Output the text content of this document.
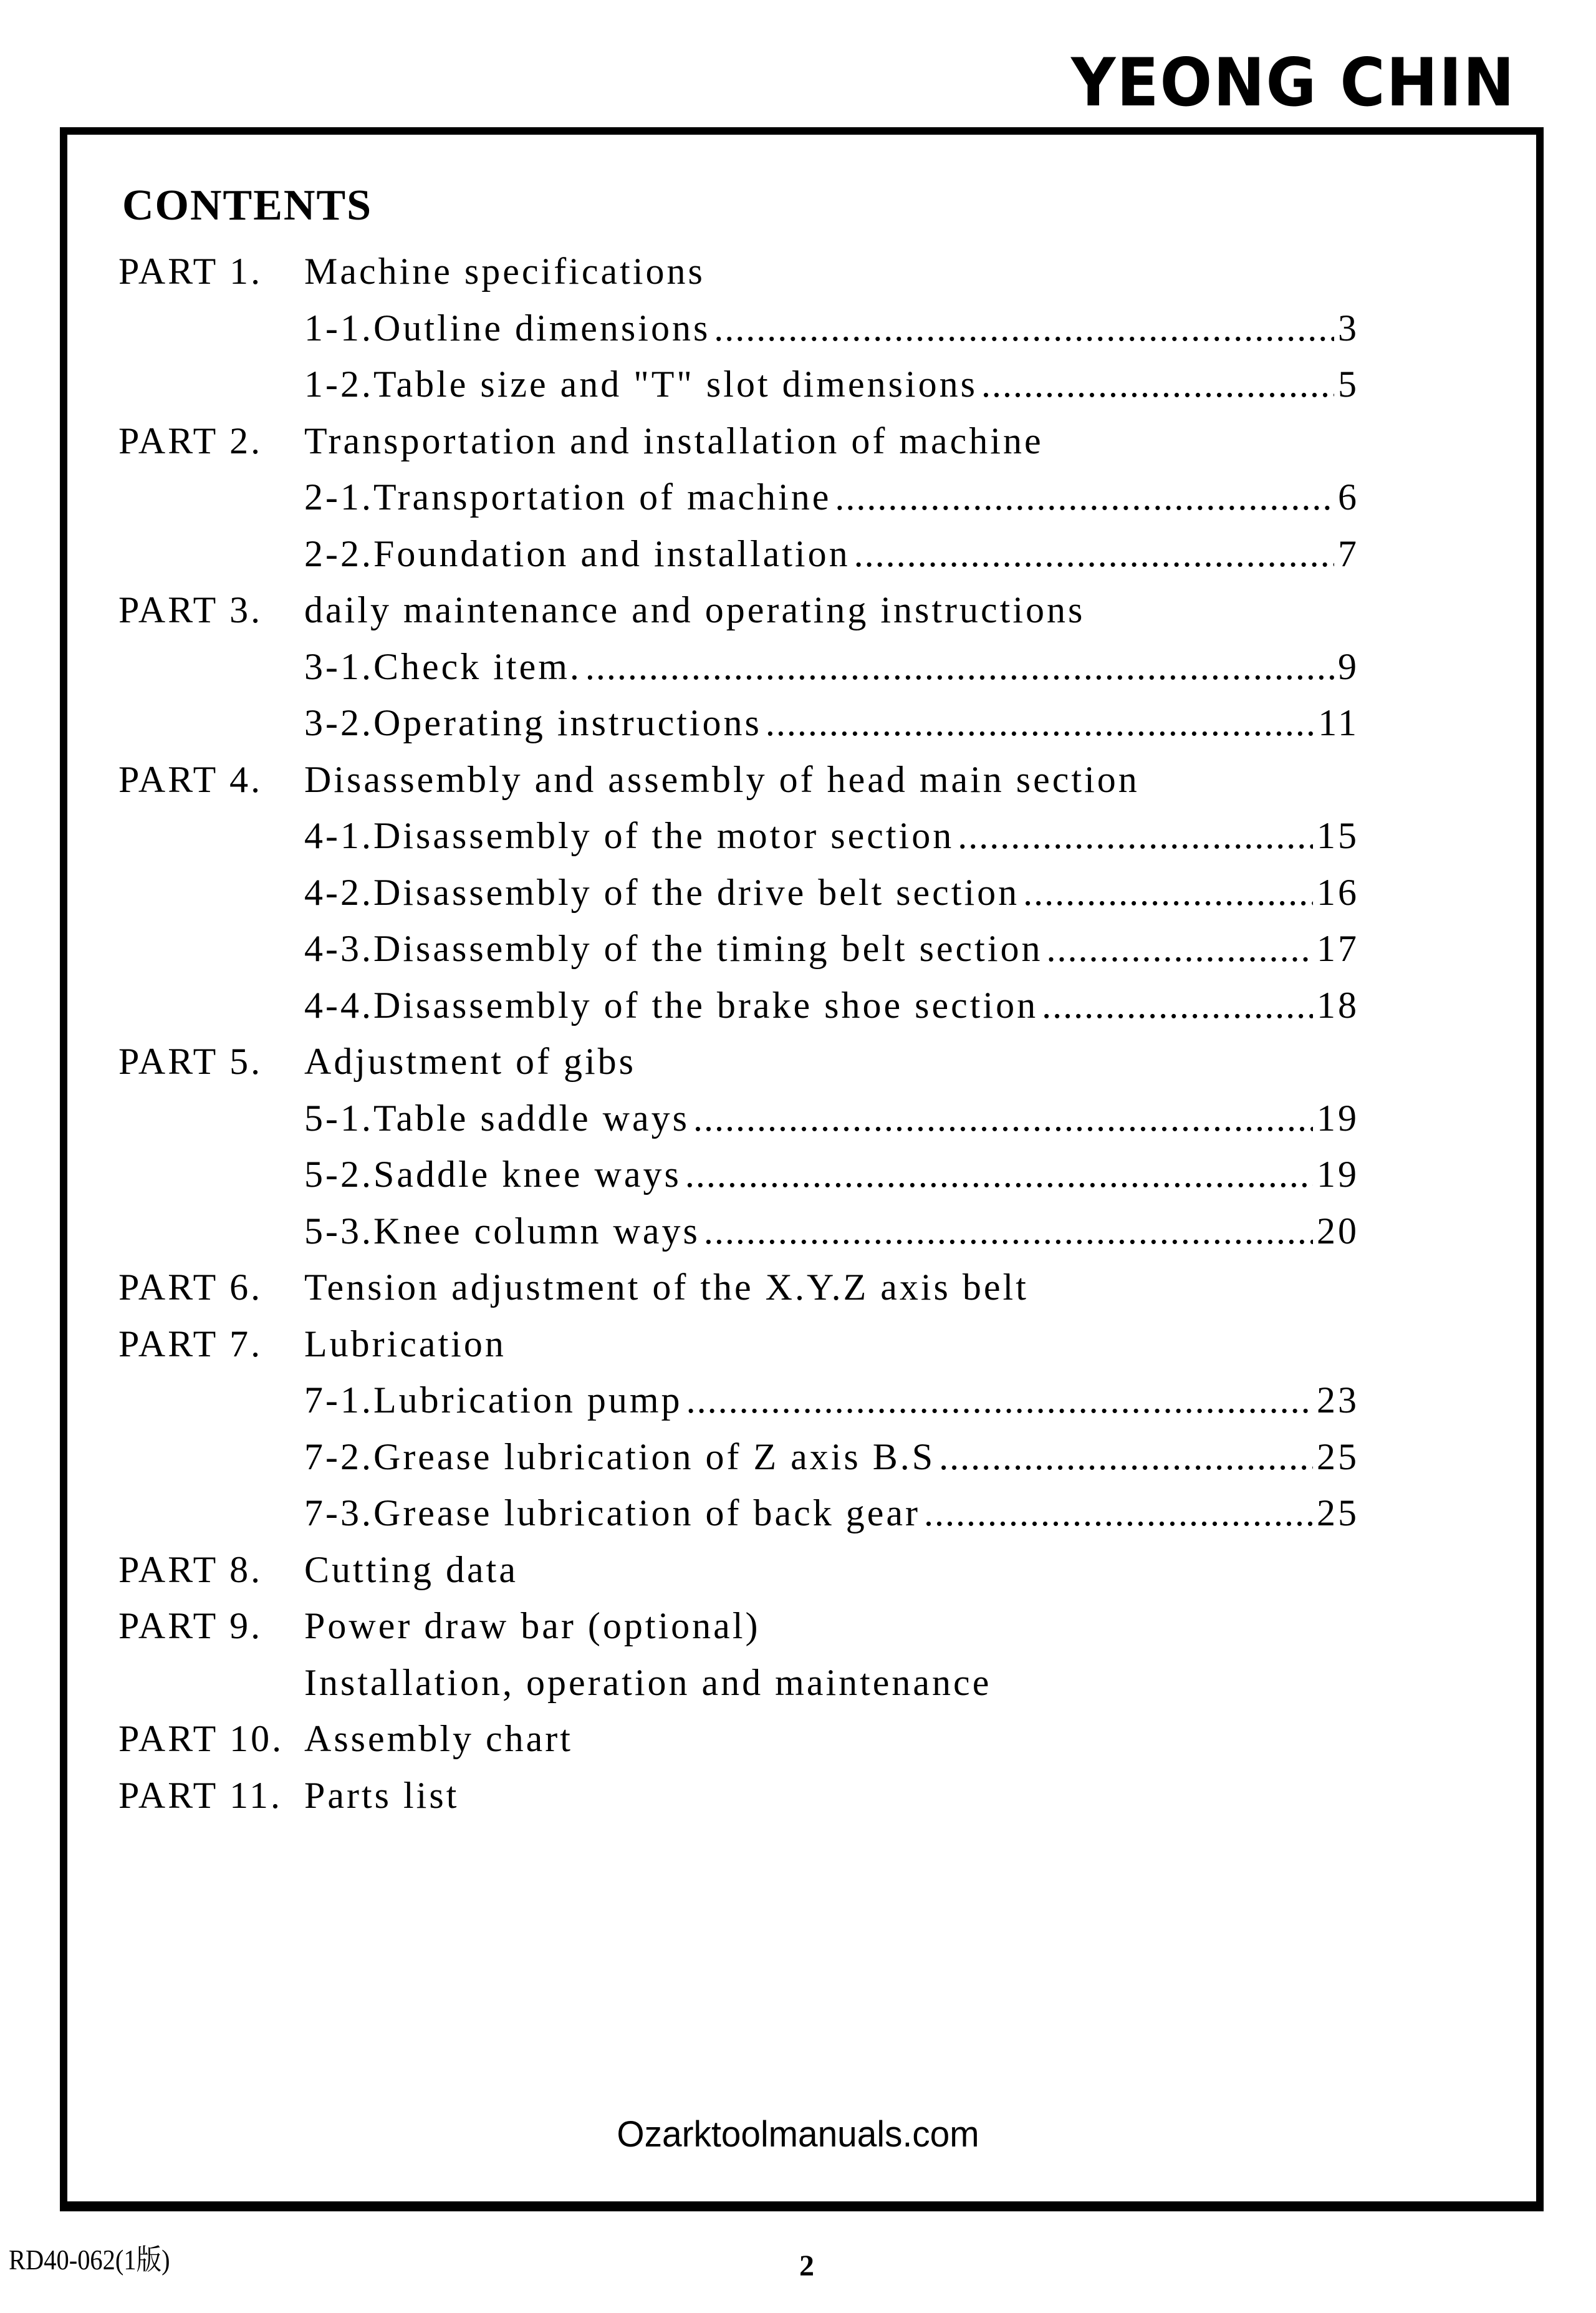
YEONG CHIN
CONTENTS
PART 1. Machine specifications
1-1. Outline dimensions .....	3
1-2. Table size and "T" slot dimensions .....	5
PART 2. Transportation and installation of machine
2-1. Transportation of machine .....	6
2-2. Foundation and installation .....	7
PART 3. daily maintenance and operating instructions
3-1. Check item. .....	9
3-2. Operating instructions .....	11
PART 4. Disassembly and assembly of head main section
4-1. Disassembly of the motor section .....	15
4-2. Disassembly of the drive belt section .....	16
4-3. Disassembly of the timing belt section .....	17
4-4. Disassembly of the brake shoe section .....	18
PART 5. Adjustment of gibs
5-1. Table saddle ways .....	19
5-2. Saddle knee ways .....	19
5-3. Knee column ways .....	20
PART 6. Tension adjustment of the X.Y.Z axis belt
PART 7. Lubrication
7-1. Lubrication pump .....	23
7-2. Grease lubrication of Z axis B.S .....	25
7-3. Grease lubrication of back gear .....	25
PART 8. Cutting data
PART 9. Power draw bar (optional)
Installation, operation and maintenance
PART 10. Assembly chart
PART 11. Parts list
Ozarktoolmanuals.com
RD40-062(1版)	2
